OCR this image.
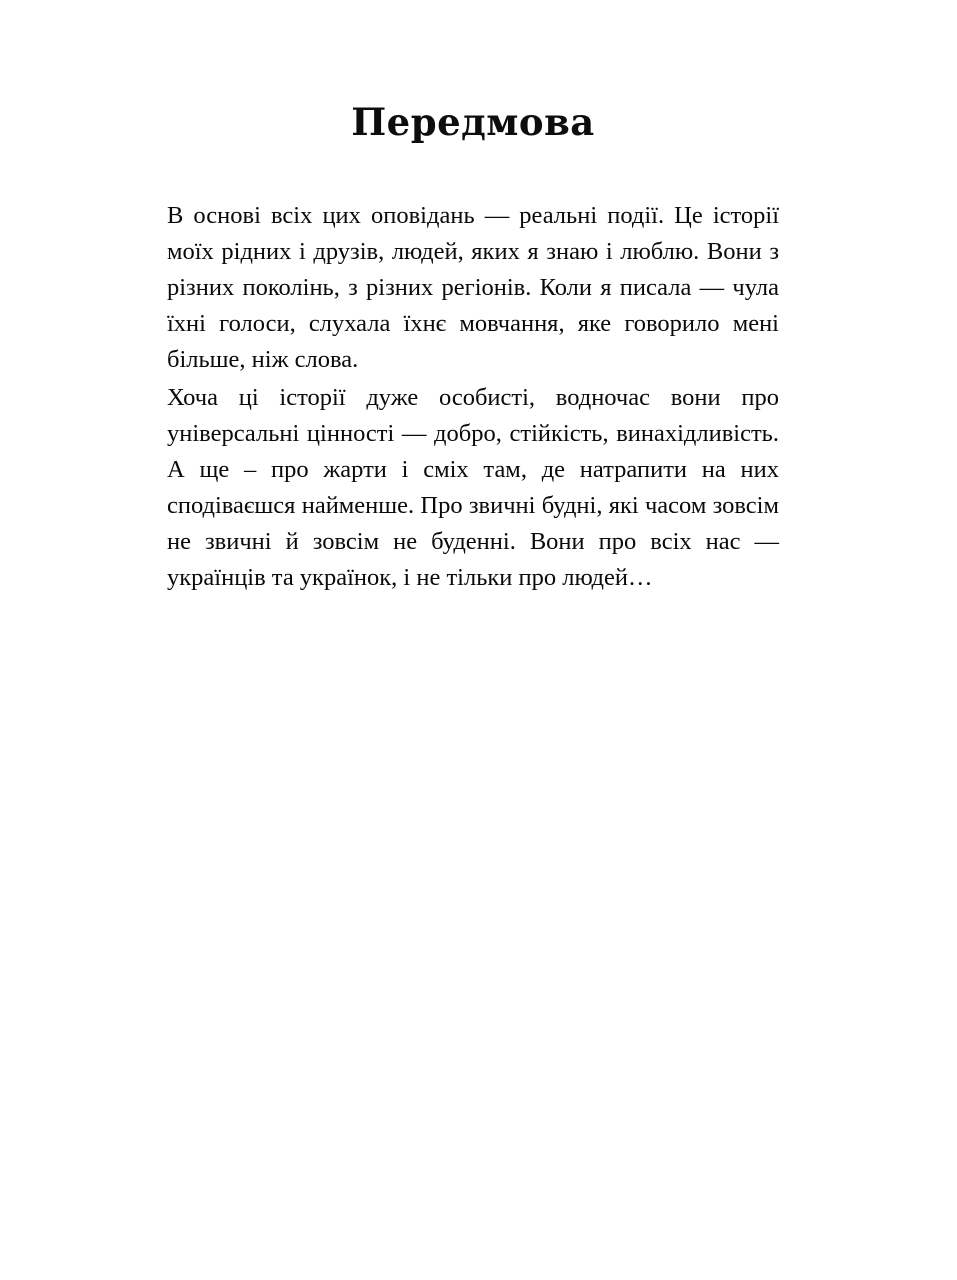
Передмова

В основі всіх цих оповідань — реальні події. Це історії моїх рідних і друзів, людей, яких я знаю і люблю. Вони з різних поколінь, з різних регіонів. Коли я писала — чула їхні голоси, слухала їхнє мовчання, яке говорило мені більше, ніж слова.

Хоча ці історії дуже особисті, водночас вони про універсальні цінності — добро, стійкість, винахідливість. А ще – про жарти і сміх там, де натрапити на них сподіваєшся найменше. Про звичні будні, які часом зовсім не звичні й зовсім не буденні. Вони про всіх нас — українців та українок, і не тільки про людей…
